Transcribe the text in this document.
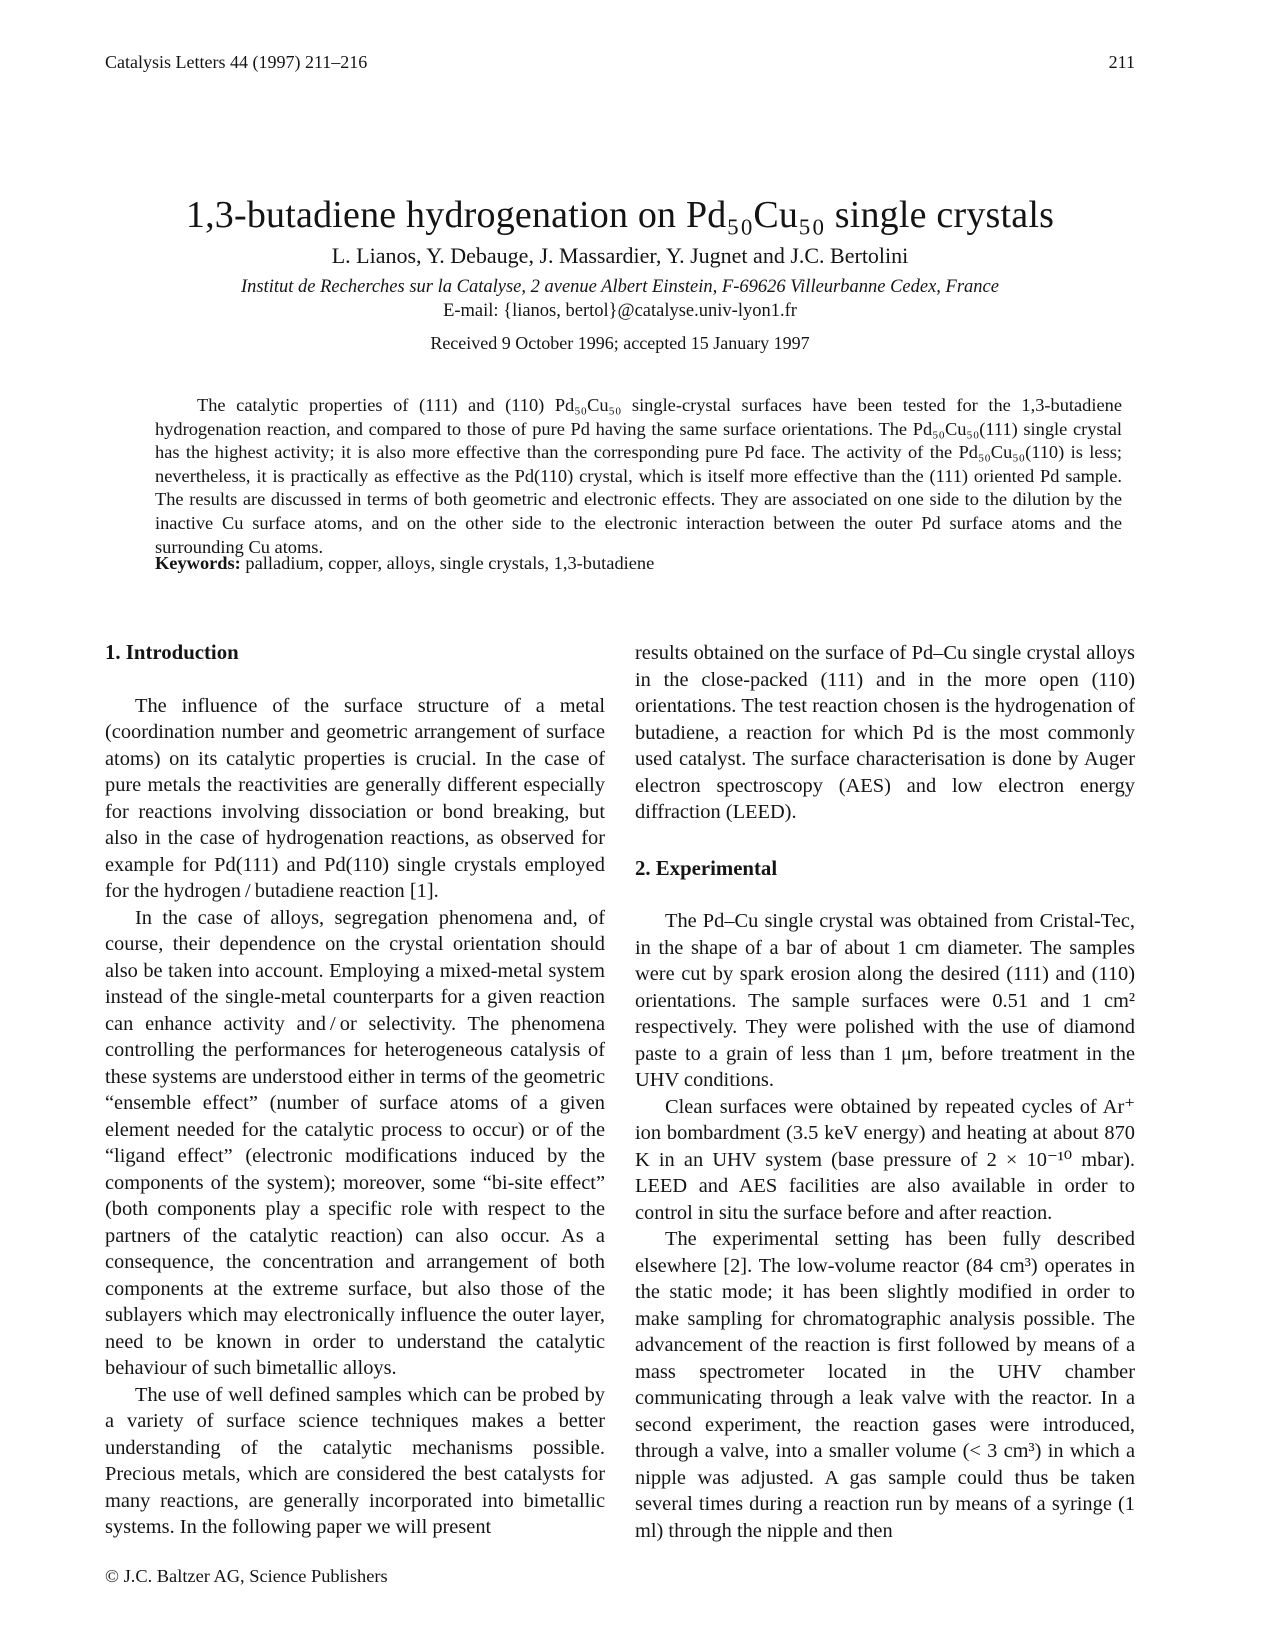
Catalysis Letters 44 (1997) 211–216	211
1,3-butadiene hydrogenation on Pd₅₀Cu₅₀ single crystals
L. Lianos, Y. Debauge, J. Massardier, Y. Jugnet and J.C. Bertolini
Institut de Recherches sur la Catalyse, 2 avenue Albert Einstein, F-69626 Villeurbanne Cedex, France
E-mail: {lianos, bertol}@catalyse.univ-lyon1.fr
Received 9 October 1996; accepted 15 January 1997
The catalytic properties of (111) and (110) Pd₅₀Cu₅₀ single-crystal surfaces have been tested for the 1,3-butadiene hydrogenation reaction, and compared to those of pure Pd having the same surface orientations. The Pd₅₀Cu₅₀(111) single crystal has the highest activity; it is also more effective than the corresponding pure Pd face. The activity of the Pd₅₀Cu₅₀(110) is less; nevertheless, it is practically as effective as the Pd(110) crystal, which is itself more effective than the (111) oriented Pd sample. The results are discussed in terms of both geometric and electronic effects. They are associated on one side to the dilution by the inactive Cu surface atoms, and on the other side to the electronic interaction between the outer Pd surface atoms and the surrounding Cu atoms.
Keywords: palladium, copper, alloys, single crystals, 1,3-butadiene
1. Introduction

The influence of the surface structure of a metal (coordination number and geometric arrangement of surface atoms) on its catalytic properties is crucial. In the case of pure metals the reactivities are generally different especially for reactions involving dissociation or bond breaking, but also in the case of hydrogenation reactions, as observed for example for Pd(111) and Pd(110) single crystals employed for the hydrogen / butadiene reaction [1].

In the case of alloys, segregation phenomena and, of course, their dependence on the crystal orientation should also be taken into account. Employing a mixed-metal system instead of the single-metal counterparts for a given reaction can enhance activity and / or selectivity. The phenomena controlling the performances for heterogeneous catalysis of these systems are understood either in terms of the geometric “ensemble effect” (number of surface atoms of a given element needed for the catalytic process to occur) or of the “ligand effect” (electronic modifications induced by the components of the system); moreover, some “bi-site effect” (both components play a specific role with respect to the partners of the catalytic reaction) can also occur. As a consequence, the concentration and arrangement of both components at the extreme surface, but also those of the sublayers which may electronically influence the outer layer, need to be known in order to understand the catalytic behaviour of such bimetallic alloys.

The use of well defined samples which can be probed by a variety of surface science techniques makes a better understanding of the catalytic mechanisms possible. Precious metals, which are considered the best catalysts for many reactions, are generally incorporated into bimetallic systems. In the following paper we will present

results obtained on the surface of Pd–Cu single crystal alloys in the close-packed (111) and in the more open (110) orientations. The test reaction chosen is the hydrogenation of butadiene, a reaction for which Pd is the most commonly used catalyst. The surface characterisation is done by Auger electron spectroscopy (AES) and low electron energy diffraction (LEED).

2. Experimental

The Pd–Cu single crystal was obtained from Cristal-Tec, in the shape of a bar of about 1 cm diameter. The samples were cut by spark erosion along the desired (111) and (110) orientations. The sample surfaces were 0.51 and 1 cm² respectively. They were polished with the use of diamond paste to a grain of less than 1 μm, before treatment in the UHV conditions.

Clean surfaces were obtained by repeated cycles of Ar⁺ ion bombardment (3.5 keV energy) and heating at about 870 K in an UHV system (base pressure of 2 × 10⁻¹⁰ mbar). LEED and AES facilities are also available in order to control in situ the surface before and after reaction.

The experimental setting has been fully described elsewhere [2]. The low-volume reactor (84 cm³) operates in the static mode; it has been slightly modified in order to make sampling for chromatographic analysis possible. The advancement of the reaction is first followed by means of a mass spectrometer located in the UHV chamber communicating through a leak valve with the reactor. In a second experiment, the reaction gases were introduced, through a valve, into a smaller volume (< 3 cm³) in which a nipple was adjusted. A gas sample could thus be taken several times during a reaction run by means of a syringe (1 ml) through the nipple and then

© J.C. Baltzer AG, Science Publishers
